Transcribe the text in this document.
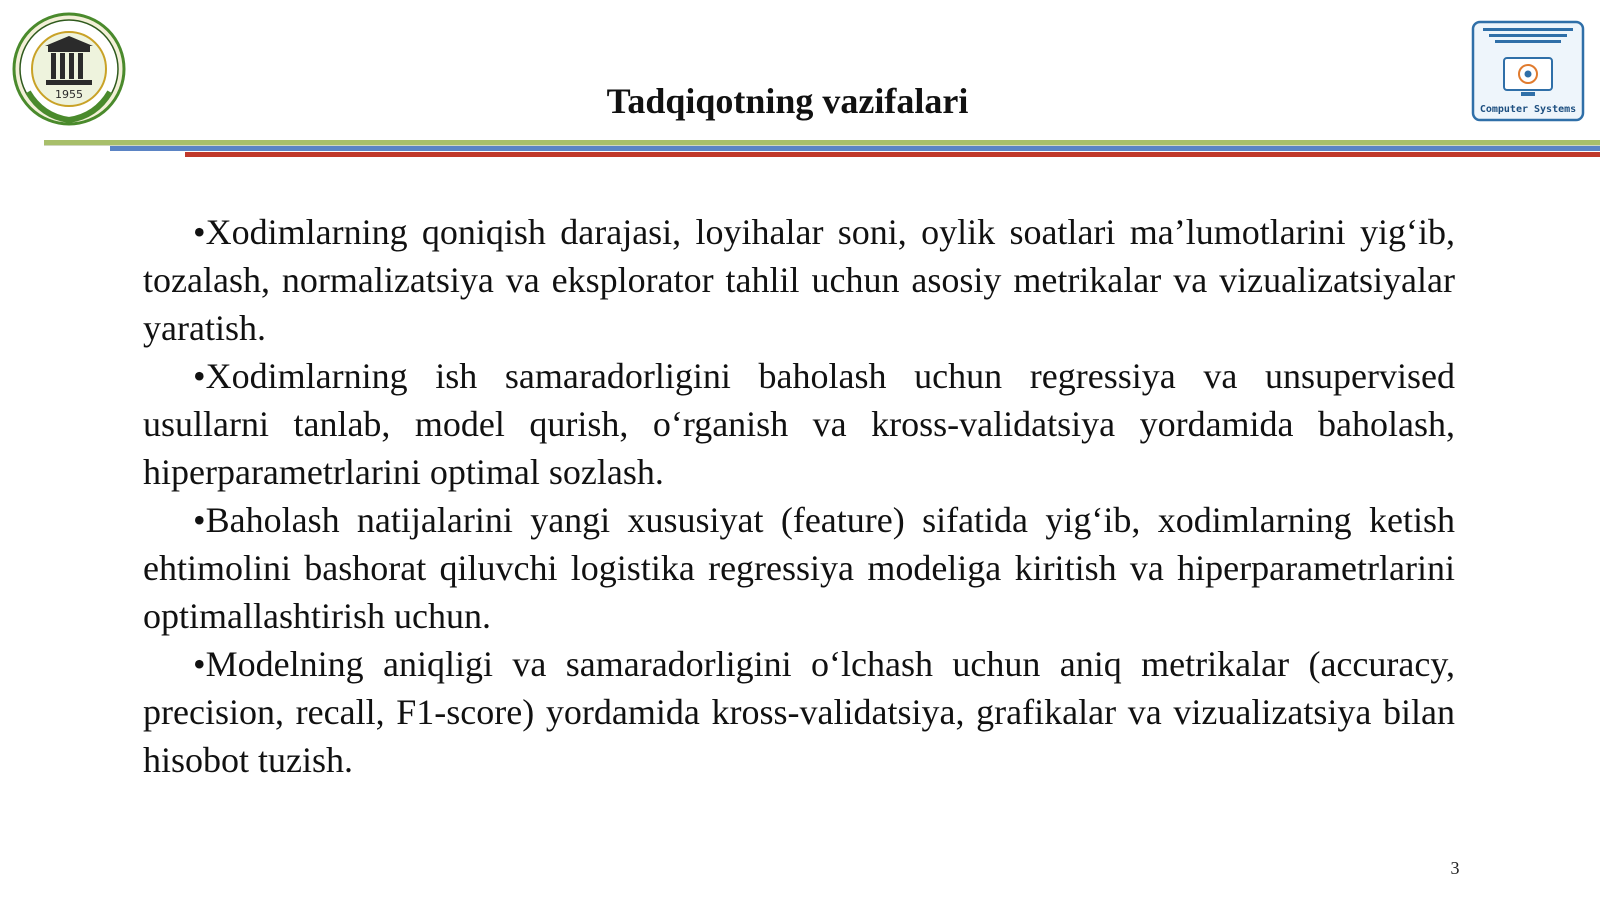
1955	Tadqiqotning vazifalari	Computer Systems
•Xodimlarning qoniqish darajasi, loyihalar soni, oylik soatlari ma’lumotlarini yig‘ib, tozalash, normalizatsiya va eksplorator tahlil uchun asosiy metrikalar va vizualizatsiyalar yaratish.
•Xodimlarning ish samaradorligini baholash uchun regressiya va unsupervised usullarni tanlab, model qurish, o‘rganish va kross-validatsiya yordamida baholash, hiperparametrlarini optimal sozlash.
•Baholash natijalarini yangi xususiyat (feature) sifatida yig‘ib, xodimlarning ketish ehtimolini bashorat qiluvchi logistika regressiya modeliga kiritish va hiperparametrlarini optimallashtirish uchun.
•Modelning aniqligi va samaradorligini o‘lchash uchun aniq metrikalar (accuracy, precision, recall, F1-score) yordamida kross-validatsiya, grafikalar va vizualizatsiya bilan hisobot tuzish.
3
